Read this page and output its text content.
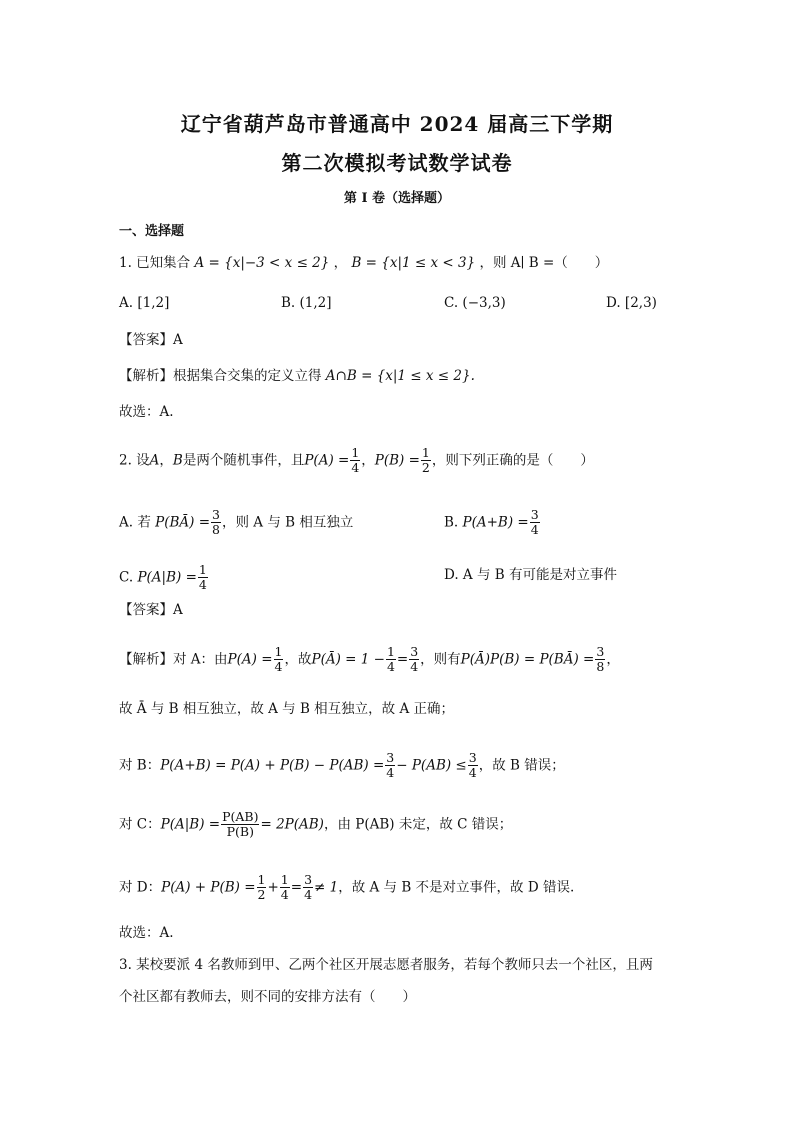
辽宁省葫芦岛市普通高中 2024 届高三下学期
第二次模拟考试数学试卷
第 I 卷（选择题）
一、选择题
1. 已知集合 A = {x|−3 < x ≤ 2} ， B = {x|1 ≤ x < 3} ，则 A∣ B =（　　）
A. [1,2]	B. (1,2]	C. (−3,3)	D. [2,3)
【答案】A
【解析】根据集合交集的定义立得 A∩B = {x|1 ≤ x ≤ 2}.
故选：A.
2. 设A，B是两个随机事件，且$P(A) = \frac{1}{4}$ ，$P(B) = \frac{1}{2}$ ，则下列正确的是（　　）
A. 若 P(BĀ) = $\frac{3}{8}$ ，则 A 与 B 相互独立	B. $P(A+B) = \frac{3}{4}$
C. $P(A|B) = \frac{1}{4}$	D. A 与 B 有可能是对立事件
【答案】A
【解析】对 A：由$P(A) = \frac{1}{4}$ ，故P(Ā) = $1 - \frac{1}{4} = \frac{3}{4}$ ，则有P(Ā)P(B) = P(BĀ) = $\frac{3}{8}$ ，
故 Ā 与 B 相互独立，故 A 与 B 相互独立，故 A 正确；
对 B：$P(A+B) = P(A) + P(B) - P(AB) = \frac{3}{4} - P(AB) \le \frac{3}{4}$ ，故 B 错误；
对 C：$P(A|B) = \frac{P(AB)}{P(B)} = 2P(AB)$，由 P(AB) 未定，故 C 错误；
对 D：$P(A) + P(B) = \frac{1}{2} + \frac{1}{4} = \frac{3}{4} \ne 1$，故 A 与 B 不是对立事件，故 D 错误.
故选：A.
3. 某校要派 4 名教师到甲、乙两个社区开展志愿者服务，若每个教师只去一个社区，且两
个社区都有教师去，则不同的安排方法有（　　）
